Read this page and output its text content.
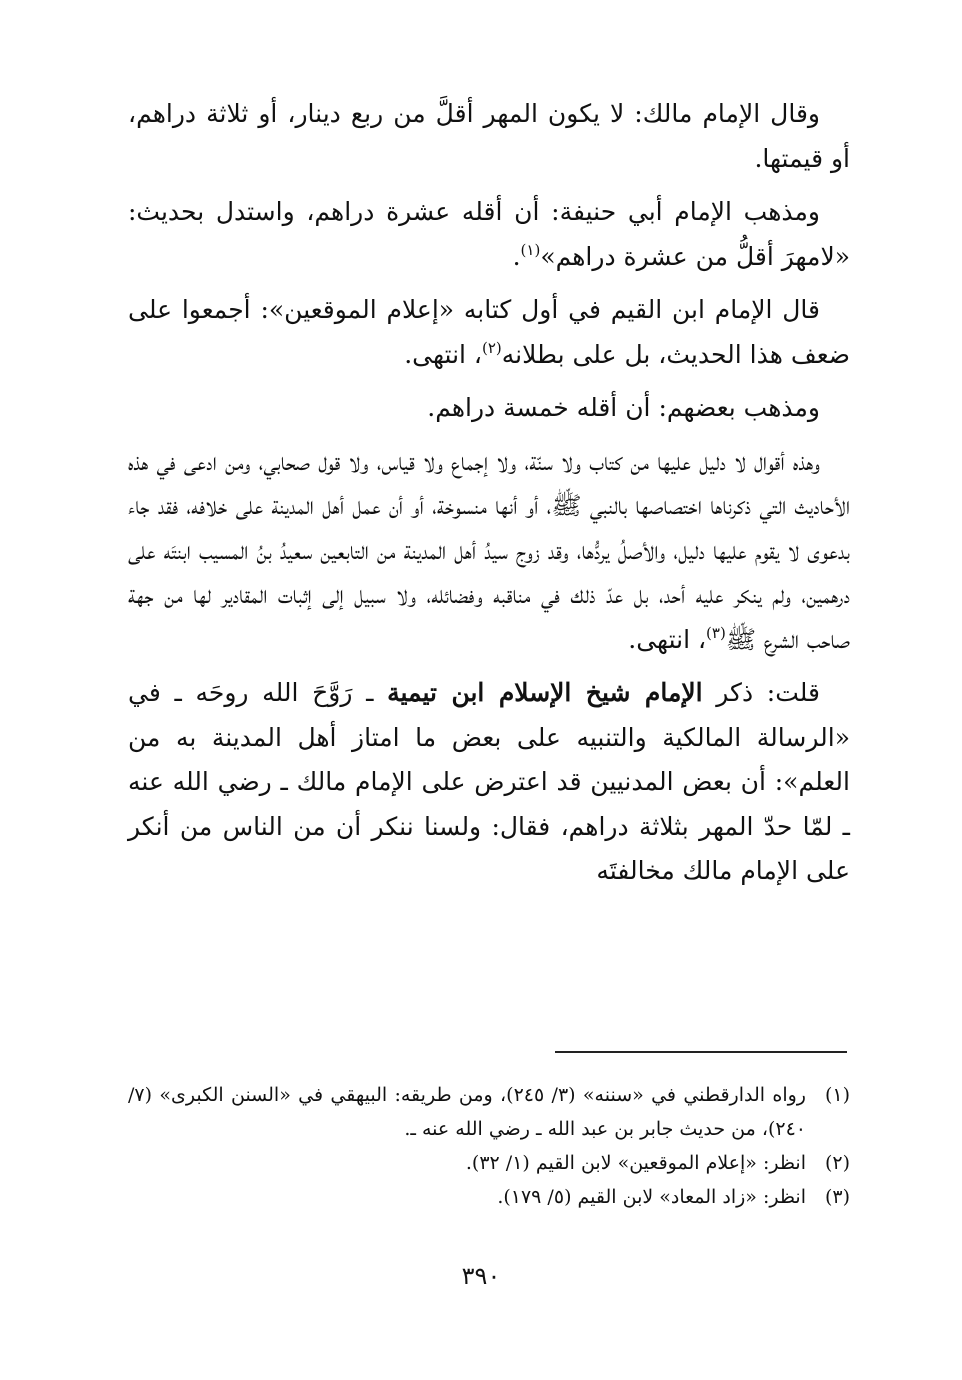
وقال الإمام مالك: لا يكون المهر أقلَّ من ربع دينار، أو ثلاثة دراهم، أو قيمتها.

ومذهب الإمام أبي حنيفة: أن أقله عشرة دراهم، واستدل بحديث: «لامهرَ أقلُّ من عشرة دراهم»$^{(١)}$.

قال الإمام ابن القيم في أول كتابه «إعلام الموقعين»: أجمعوا على ضعف هذا الحديث، بل على بطلانه$^{(٢)}$، انتهى.

ومذهب بعضهم: أن أقله خمسة دراهم.

وهذه أقوال لا دليل عليها من كتاب ولا سنّة، ولا إجماع ولا قياس، ولا قول صحابي، ومن ادعى في هذه الأحاديث التي ذكرناها اختصاصها بالنبي ﷺ، أو أنها منسوخة، أو أن عمل أهل المدينة على خلافه، فقد جاء بدعوى لا يقوم عليها دليل، والأصلُ يردُّها، وقد زوج سيدُ أهل المدينة من التابعين سعيدُ بنُ المسيب ابنتَه على درهمين، ولم ينكر عليه أحد، بل عدّ ذلك في مناقبه وفضائله، ولا سبيل إلى إثبات المقادير لها من جهة صاحب الشرع ﷺ$^{(٣)}$، انتهى.

قلت: ذكر الإمام شيخ الإسلام ابن تيمية ـ رَوَّحَ الله روحَه ـ في «الرسالة المالكية والتنبيه على بعض ما امتاز أهل المدينة به من العلم»: أن بعض المدنيين قد اعترض على الإمام مالك ـ رضي الله عنه ـ لمّا حدّ المهر بثلاثة دراهم، فقال: ولسنا ننكر أن من الناس من أنكر على الإمام مالك مخالفتَه

(١)
رواه الدارقطني في «سننه» (٣/ ٢٤٥)، ومن طريقه: البيهقي في «السنن الكبرى» (٧/ ٢٤٠)، من حديث جابر بن عبد الله ـ رضي الله عنه ـ.
(٢)
انظر: «إعلام الموقعين» لابن القيم (١/ ٣٢).
(٣)
انظر: «زاد المعاد» لابن القيم (٥/ ١٧٩).
٣٩٠
